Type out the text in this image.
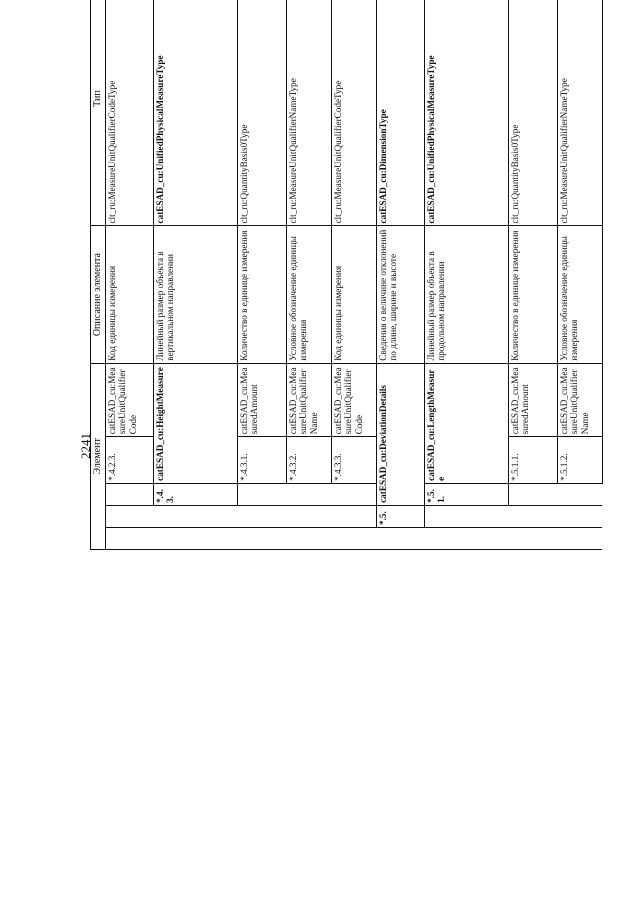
2241 Элемент					Описание элемента	Тип		
			*.4.2.3.	catESAD_cu:MeasureUnitQualifierCode	Код единицы измерения	clt_ru:MeasureUnitQualifierCodeType		
		*.4.3.	catESAD_cu:HeightMeasure		Линейный размер объекта в вертикальном направлении	catESAD_cu:UnifiedPhysicalMeasureType		
			*.4.3.1.	catESAD_cu:MeasuredAmount	Количество в единице измерения	clt_ru:QuantityBasis0Type		
			*.4.3.2.	catESAD_cu:MeasureUnitQualifierName	Условное обозначение единицы измерения	clt_ru:MeasureUnitQualifierNameType		
			*.4.3.3.	catESAD_cu:MeasureUnitQualifierCode	Код единицы измерения	clt_ru:MeasureUnitQualifierCodeType		
	*.5.	catESAD_cu:DeviationDetails			Сведения о величине отклонений по длине, ширине и высоте	catESAD_cu:DimensionType		
		*.5.1.	catESAD_cu:LengthMeasure		Линейный размер объекта в продольном направлении	catESAD_cu:UnifiedPhysicalMeasureType		
			*.5.1.1.	catESAD_cu:MeasuredAmount	Количество в единице измерения	clt_ru:QuantityBasis0Type		
			*.5.1.2.	catESAD_cu:MeasureUnitQualifierName	Условное обозначение единицы измерения	clt_ru:MeasureUnitQualifierNameType		
